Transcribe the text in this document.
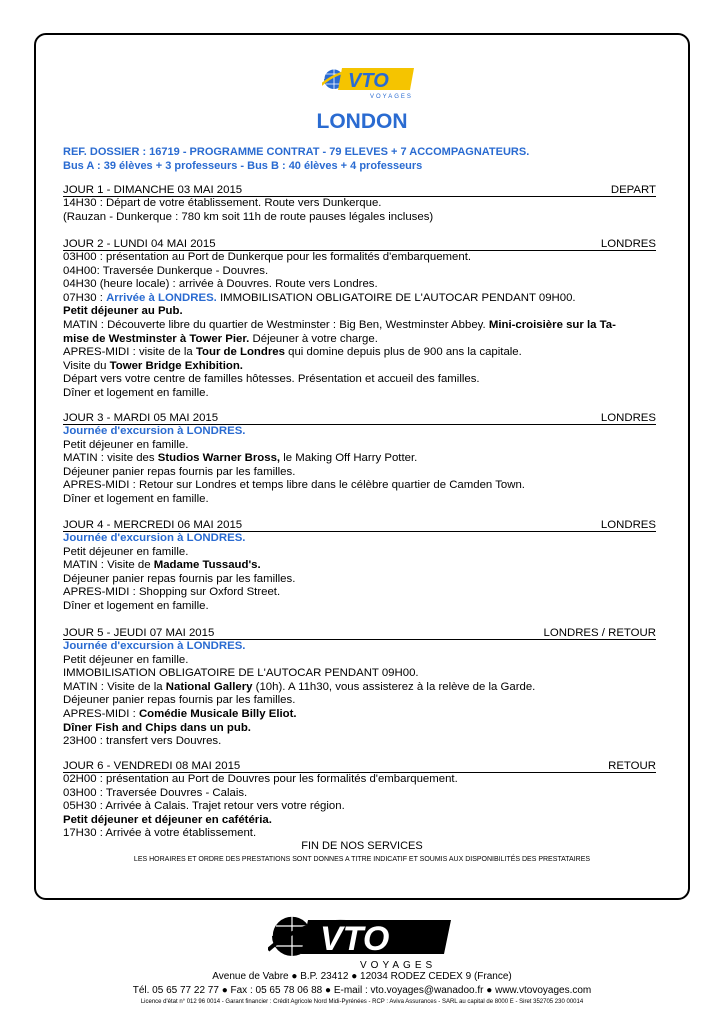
VTO
VOYAGES
LONDON
REF. DOSSIER : 16719 - PROGRAMME CONTRAT - 79 ELEVES + 7 ACCOMPAGNATEURS.
Bus A : 39 élèves + 3 professeurs - Bus B : 40 élèves + 4 professeurs
JOUR 1 - DIMANCHE 03 MAI 2015	DEPART
14H30 : Départ de votre établissement. Route vers Dunkerque.
(Rauzan - Dunkerque : 780 km soit 11h de route pauses légales incluses)
JOUR 2 - LUNDI 04 MAI 2015	LONDRES
03H00 : présentation au Port de Dunkerque pour les formalités d'embarquement.
04H00: Traversée Dunkerque - Douvres.
04H30 (heure locale) : arrivée à Douvres. Route vers Londres.
07H30 : Arrivée à LONDRES. IMMOBILISATION OBLIGATOIRE DE L'AUTOCAR PENDANT 09H00.
Petit déjeuner au Pub.
MATIN : Découverte libre du quartier de Westminster : Big Ben, Westminster Abbey. Mini-croisière sur la Ta-
mise de Westminster à Tower Pier. Déjeuner à votre charge.
APRES-MIDI : visite de la Tour de Londres qui domine depuis plus de 900 ans la capitale.
Visite du Tower Bridge Exhibition.
Départ vers votre centre de familles hôtesses. Présentation et accueil des familles.
Dîner et logement en famille.
JOUR 3 - MARDI 05 MAI 2015	LONDRES
Journée d'excursion à LONDRES.
Petit déjeuner en famille.
MATIN : visite des Studios Warner Bross, le Making Off Harry Potter.
Déjeuner panier repas fournis par les familles.
APRES-MIDI : Retour sur Londres et temps libre dans le célèbre quartier de Camden Town.
Dîner et logement en famille.
JOUR 4 - MERCREDI 06 MAI 2015	LONDRES
Journée d'excursion à LONDRES.
Petit déjeuner en famille.
MATIN : Visite de Madame Tussaud's.
Déjeuner panier repas fournis par les familles.
APRES-MIDI : Shopping sur Oxford Street.
Dîner et logement en famille.
JOUR 5 - JEUDI 07 MAI 2015	LONDRES / RETOUR
Journée d'excursion à LONDRES.
Petit déjeuner en famille.
IMMOBILISATION OBLIGATOIRE DE L'AUTOCAR PENDANT 09H00.
MATIN : Visite de la National Gallery (10h). A 11h30, vous assisterez à la relève de la Garde.
Déjeuner panier repas fournis par les familles.
APRES-MIDI : Comédie Musicale Billy Eliot.
Dîner Fish and Chips dans un pub.
23H00 : transfert vers Douvres.
JOUR 6 - VENDREDI 08 MAI 2015	RETOUR
02H00 : présentation au Port de Douvres pour les formalités d'embarquement.
03H00 : Traversée Douvres - Calais.
05H30 : Arrivée à Calais. Trajet retour vers votre région.
Petit déjeuner et déjeuner en cafétéria.
17H30 : Arrivée à votre établissement.
FIN DE NOS SERVICES
LES HORAIRES ET ORDRE DES PRESTATIONS SONT DONNES A TITRE INDICATIF ET SOUMIS AUX DISPONIBILITÉS DES PRESTATAIRES
VTO
VOYAGES
Avenue de Vabre ● B.P. 23412 ● 12034 RODEZ CEDEX 9 (France)
Tél. 05 65 77 22 77 ● Fax : 05 65 78 06 88 ● E-mail : vto.voyages@wanadoo.fr ● www.vtovoyages.com
Licence d'état n° 012 96 0014 - Garant financier : Crédit Agricole Nord Midi-Pyrénées - RCP : Aviva Assurances - SARL au capital de 8000 E - Siret 352705 230 00014
